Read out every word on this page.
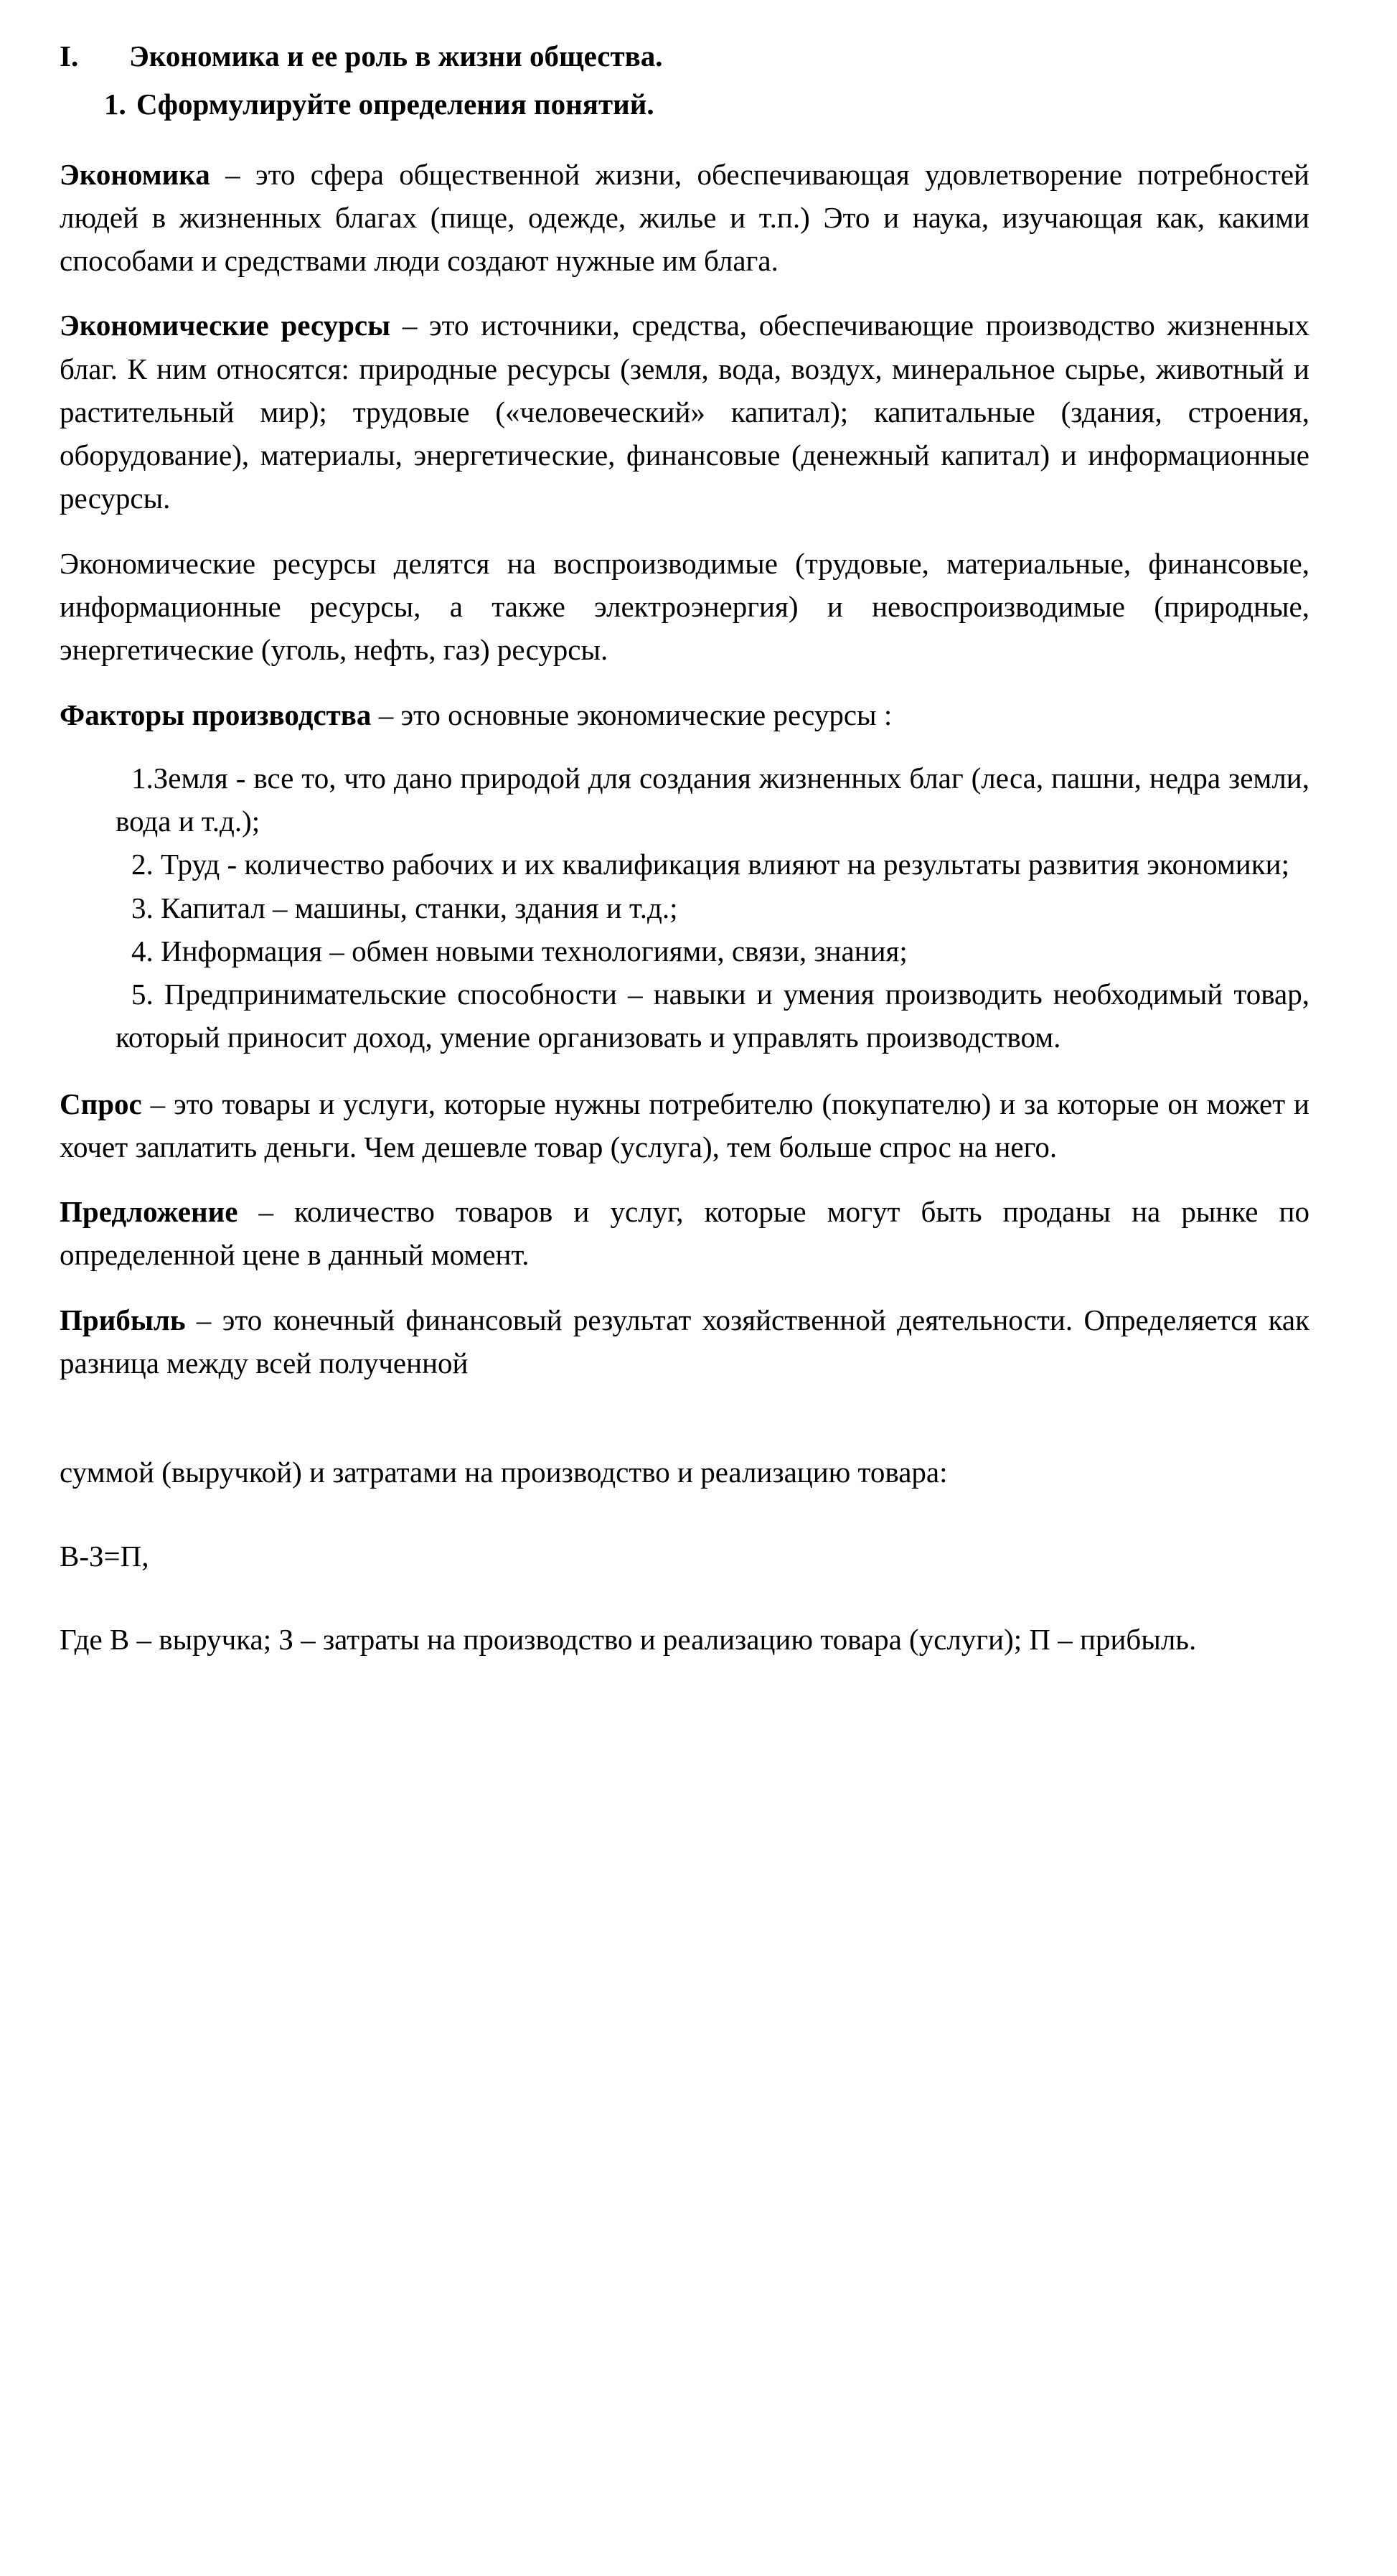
I.	Экономика и ее роль в жизни общества.
1. Сформулируйте определения понятий.

Экономика – это сфера общественной жизни, обеспечивающая удовлетворение потребностей людей в жизненных благах (пище, одежде, жилье и т.п.) Это и наука, изучающая как, какими способами и средствами люди создают нужные им блага.

Экономические ресурсы – это источники, средства, обеспечивающие производство жизненных благ. К ним относятся: природные ресурсы (земля, вода, воздух, минеральное сырье, животный и растительный мир); трудовые («человеческий» капитал); капитальные (здания, строения, оборудование), материалы, энергетические, финансовые (денежный капитал) и информационные ресурсы.

Экономические ресурсы делятся на воспроизводимые (трудовые, материальные, финансовые, информационные ресурсы, а также электроэнергия) и невоспроизводимые (природные, энергетические (уголь, нефть, газ) ресурсы.

Факторы производства – это основные экономические ресурсы :

1.Земля - все то, что дано природой для создания жизненных благ (леса, пашни, недра земли, вода и т.д.);

2. Труд - количество рабочих и их квалификация влияют на результаты развития экономики;

3. Капитал – машины, станки, здания и т.д.;

4. Информация – обмен новыми технологиями, связи, знания;

5. Предпринимательские способности – навыки и умения производить необходимый товар, который приносит доход, умение организовать и управлять производством.

Спрос – это товары и услуги, которые нужны потребителю (покупателю) и за которые он может и хочет заплатить деньги. Чем дешевле товар (услуга), тем больше спрос на него.

Предложение – количество товаров и услуг, которые могут быть проданы на рынке по определенной цене в данный момент.

Прибыль – это конечный финансовый результат хозяйственной деятельности. Определяется как разница между всей полученной

суммой (выручкой) и затратами на производство и реализацию товара:

В-З=П,

Где В – выручка; З – затраты на производство и реализацию товара (услуги); П – прибыль.
